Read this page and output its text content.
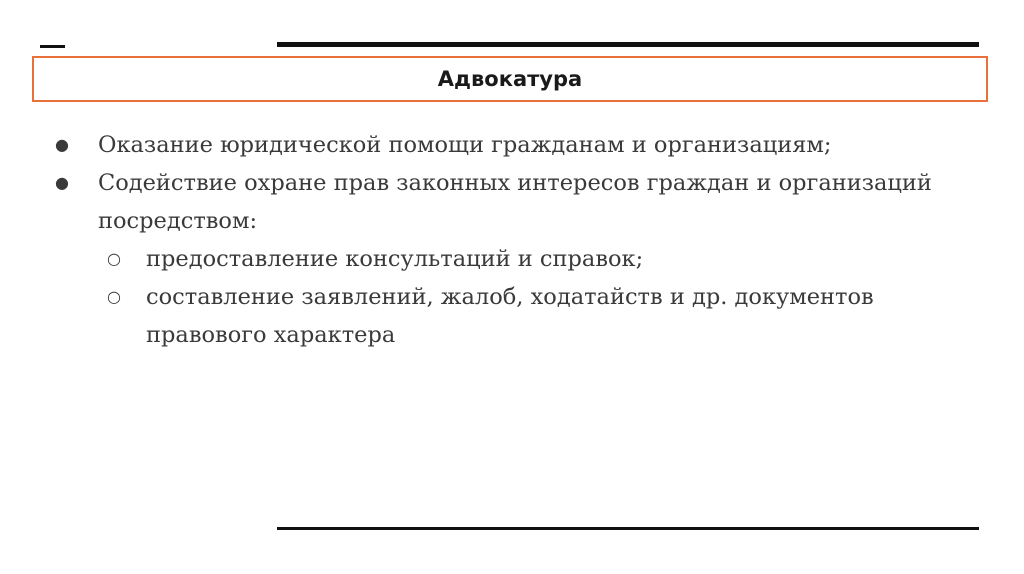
Адвокатура
● Оказание юридической помощи гражданам и организациям;
● Содействие охране прав законных интересов граждан и организаций посредством:
○ предоставление консультаций и справок;
○ составление заявлений, жалоб, ходатайств и др. документов правового характера
